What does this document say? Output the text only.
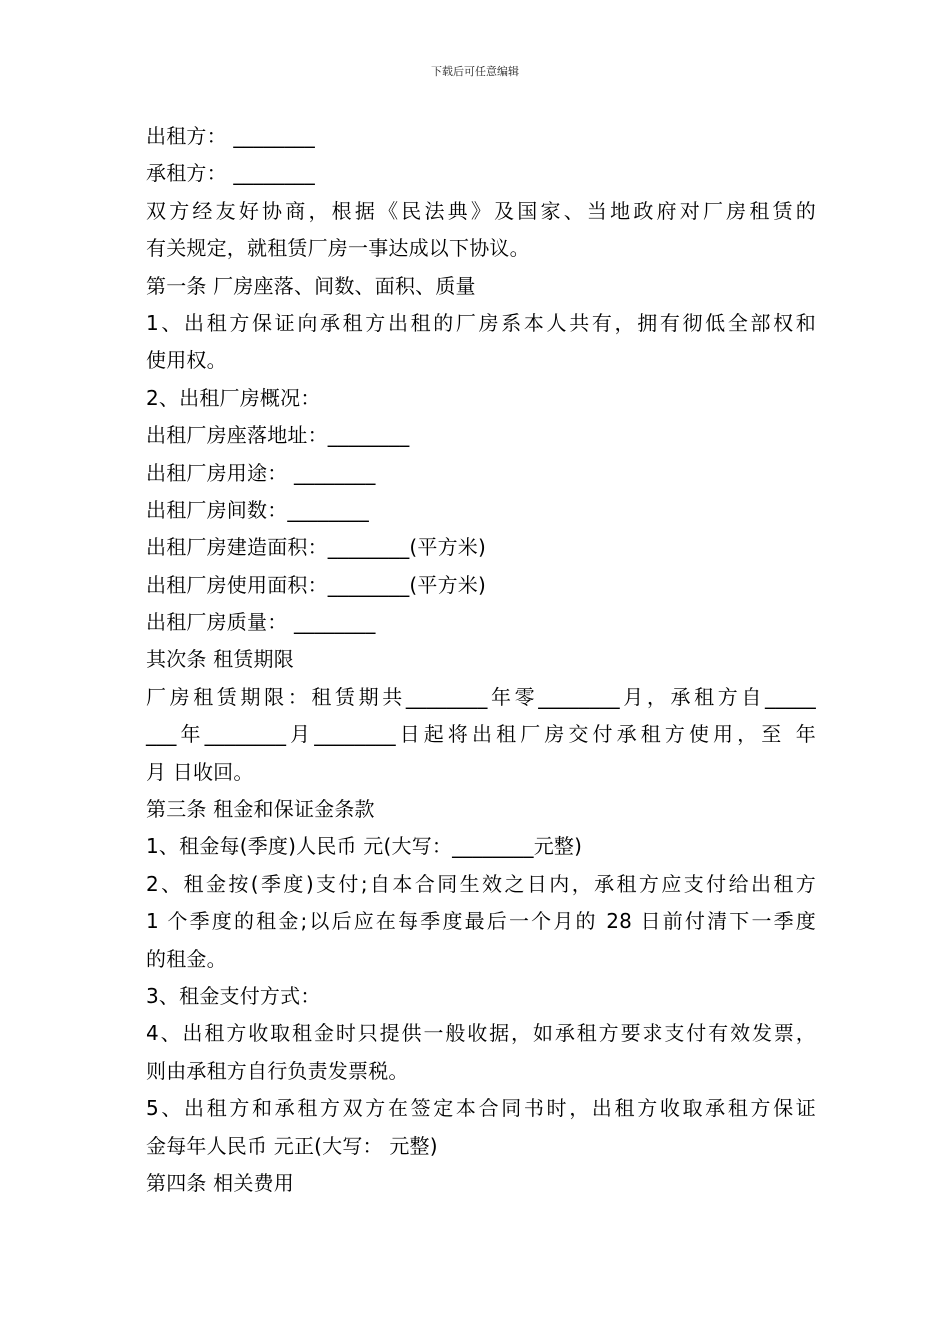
下载后可任意编辑
出租方： ________
承租方： ________
双方经友好协商，根据《民法典》及国家、当地政府对厂房租赁的
有关规定，就租赁厂房一事达成以下协议。
第一条 厂房座落、间数、面积、质量
1、出租方保证向承租方出租的厂房系本人共有，拥有彻低全部权和
使用权。
2、出租厂房概况：
出租厂房座落地址：________
出租厂房用途： ________
出租厂房间数：________
出租厂房建造面积：________(平方米)
出租厂房使用面积：________(平方米)
出租厂房质量： ________
其次条 租赁期限
厂房租赁期限：租赁期共________年零________月，承租方自_____
___年________月________日起将出租厂房交付承租方使用，至 年
月 日收回。
第三条 租金和保证金条款
1、租金每(季度)人民币 元(大写：________元整)
2、租金按(季度)支付;自本合同生效之日内，承租方应支付给出租方
1 个季度的租金;以后应在每季度最后一个月的 28 日前付清下一季度
的租金。
3、租金支付方式：
4、出租方收取租金时只提供一般收据，如承租方要求支付有效发票，
则由承租方自行负责发票税。
5、出租方和承租方双方在签定本合同书时，出租方收取承租方保证
金每年人民币 元正(大写： 元整)
第四条 相关费用
